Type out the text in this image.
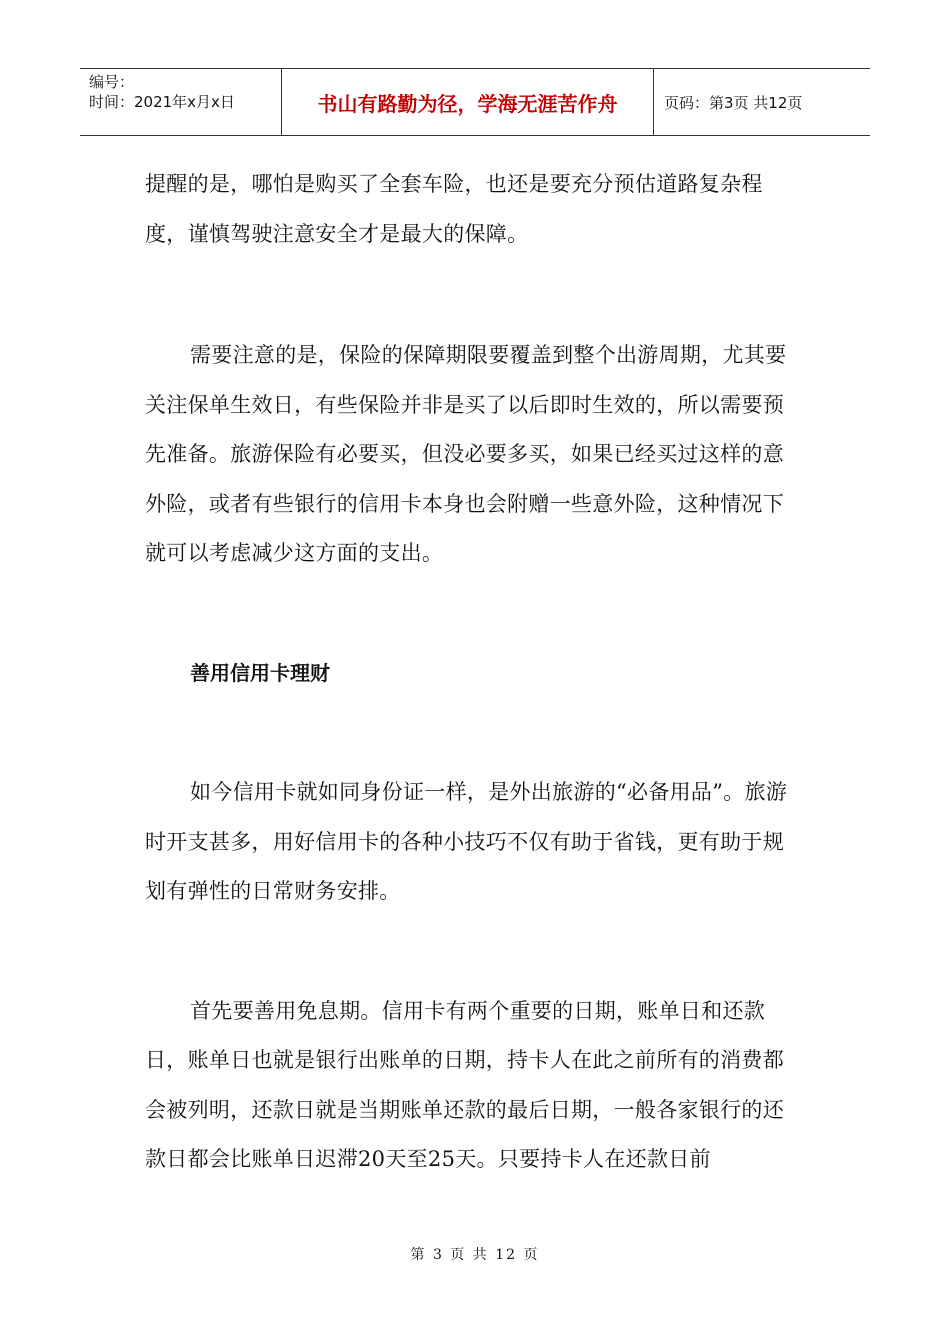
编号：
时间：2021年x月x日	书山有路勤为径，学海无涯苦作舟	页码：第3页 共12页

提醒的是，哪怕是购买了全套车险，也还是要充分预估道路复杂程度，谨慎驾驶注意安全才是最大的保障。

需要注意的是，保险的保障期限要覆盖到整个出游周期，尤其要关注保单生效日，有些保险并非是买了以后即时生效的，所以需要预先准备。旅游保险有必要买，但没必要多买，如果已经买过这样的意外险，或者有些银行的信用卡本身也会附赠一些意外险，这种情况下就可以考虑减少这方面的支出。

善用信用卡理财

如今信用卡就如同身份证一样，是外出旅游的“必备用品”。旅游时开支甚多，用好信用卡的各种小技巧不仅有助于省钱，更有助于规划有弹性的日常财务安排。

首先要善用免息期。信用卡有两个重要的日期，账单日和还款日，账单日也就是银行出账单的日期，持卡人在此之前所有的消费都会被列明，还款日就是当期账单还款的最后日期，一般各家银行的还款日都会比账单日迟滞20天至25天。只要持卡人在还款日前

第 3 页 共 12 页
